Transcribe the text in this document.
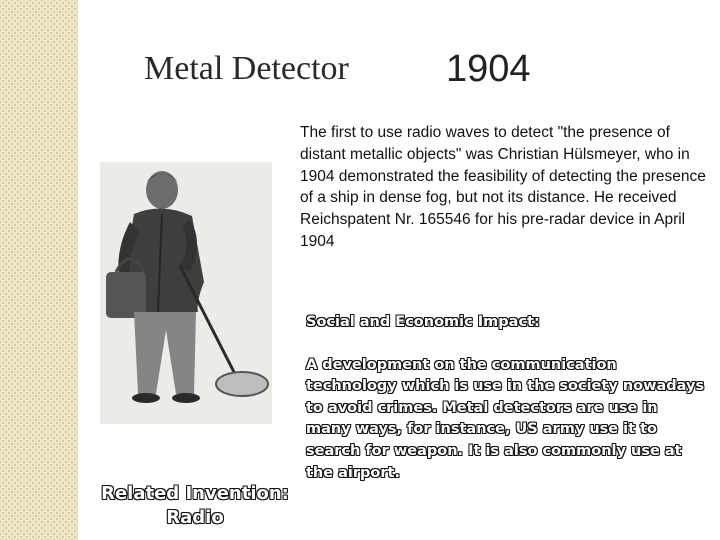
Metal Detector	1904
The first to use radio waves to detect "the presence of distant metallic objects" was Christian Hülsmeyer, who in 1904 demonstrated the feasibility of detecting the presence of a ship in dense fog, but not its distance. He received Reichspatent Nr. 165546 for his pre-radar device in April 1904
Social and Economic Impact:
A development on the communication technology which is use in the society nowadays to avoid crimes. Metal detectors are use in many ways, for instance, US army use it to search for weapon. It is also commonly use at the airport.
Related Invention:
Radio
